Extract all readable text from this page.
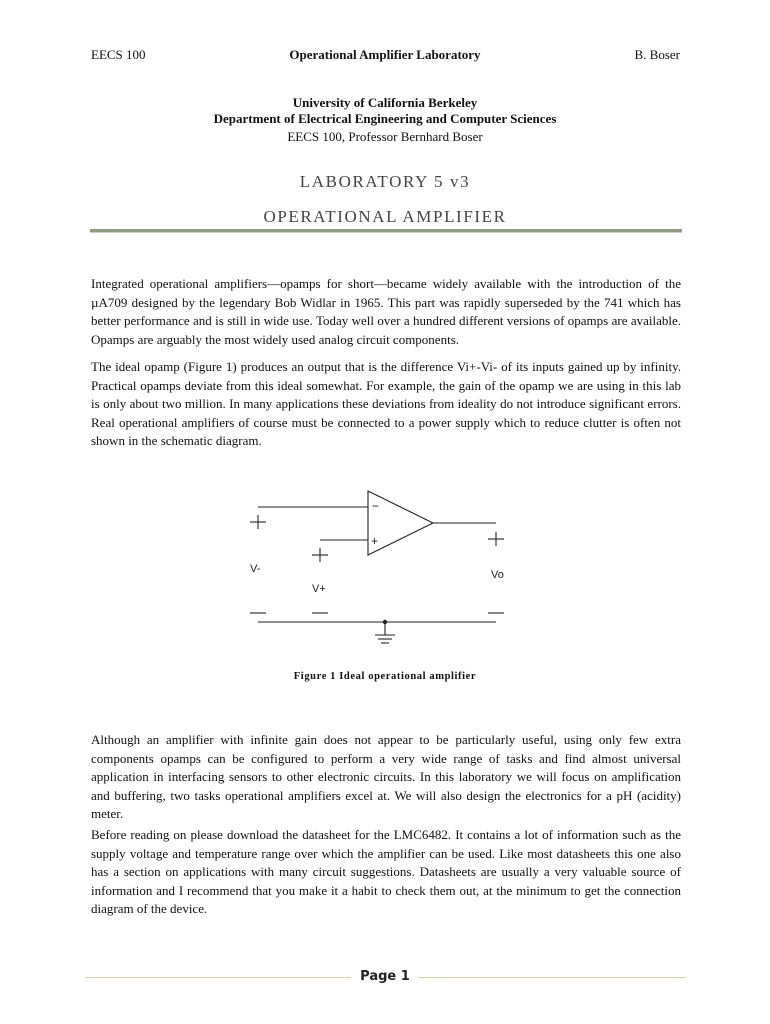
EECS 100	Operational Amplifier Laboratory	B. Boser
University of California Berkeley
Department of Electrical Engineering and Computer Sciences
EECS 100, Professor Bernhard Boser
LABORATORY 5 v3
OPERATIONAL AMPLIFIER

Integrated operational amplifiers—opamps for short—became widely available with the introduction of the µA709 designed by the legendary Bob Widlar in 1965. This part was rapidly superseded by the 741 which has better performance and is still in wide use. Today well over a hundred different versions of opamps are available. Opamps are arguably the most widely used analog circuit components.

The ideal opamp (Figure 1) produces an output that is the difference Vi+-Vi- of its inputs gained up by infinity. Practical opamps deviate from this ideal somewhat. For example, the gain of the opamp we are using in this lab is only about two million. In many applications these deviations from ideality do not introduce significant errors. Real operational amplifiers of course must be connected to a power supply which to reduce clutter is often not shown in the schematic diagram.

−
+
V-
V+
Vo
Figure 1 Ideal operational amplifier

Although an amplifier with infinite gain does not appear to be particularly useful, using only few extra components opamps can be configured to perform a very wide range of tasks and find almost universal application in interfacing sensors to other electronic circuits. In this laboratory we will focus on amplification and buffering, two tasks operational amplifiers excel at. We will also design the electronics for a pH (acidity) meter.

Before reading on please download the datasheet for the LMC6482. It contains a lot of information such as the supply voltage and temperature range over which the amplifier can be used. Like most datasheets this one also has a section on applications with many circuit suggestions. Datasheets are usually a very valuable source of information and I recommend that you make it a habit to check them out, at the minimum to get the connection diagram of the device.

Page 1
